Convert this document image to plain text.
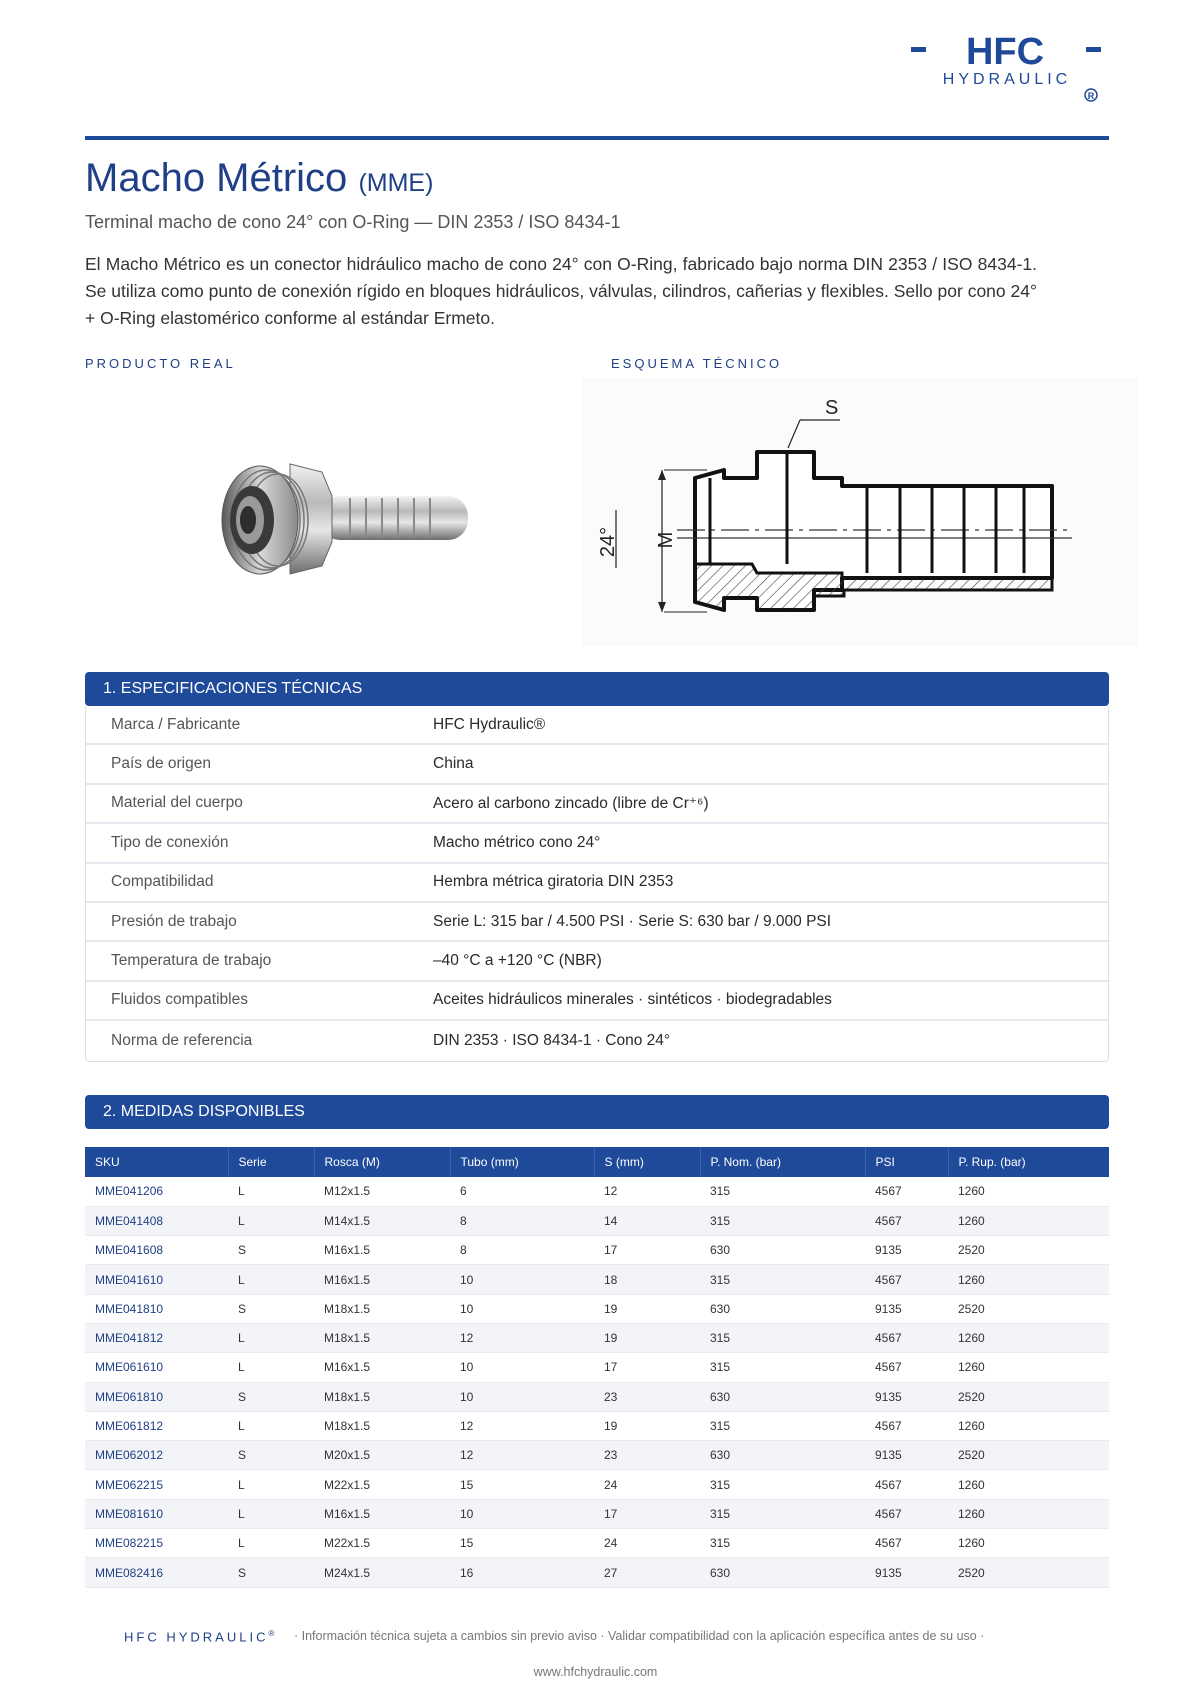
HFC
HYDRAULIC
R
Macho Métrico (MME)
Terminal macho de cono 24° con O-Ring — DIN 2353 / ISO 8434-1

El Macho Métrico es un conector hidráulico macho de cono 24° con O-Ring, fabricado bajo norma DIN 2353 / ISO 8434-1. Se utiliza como punto de conexión rígido en bloques hidráulicos, válvulas, cilindros, cañerias y flexibles. Sello por cono 24° + O-Ring elastomérico conforme al estándar Ermeto.

PRODUCTO REAL	ESQUEMA TÉCNICO
S
M
24°
1. ESPECIFICACIONES TÉCNICAS
Marca / Fabricante	HFC Hydraulic®
País de origen	China
Material del cuerpo	Acero al carbono zincado (libre de Cr⁺⁶)
Tipo de conexión	Macho métrico cono 24°
Compatibilidad	Hembra métrica giratoria DIN 2353
Presión de trabajo	Serie L: 315 bar / 4.500 PSI · Serie S: 630 bar / 9.000 PSI
Temperatura de trabajo	–40 °C a +120 °C (NBR)
Fluidos compatibles	Aceites hidráulicos minerales · sintéticos · biodegradables
Norma de referencia	DIN 2353 · ISO 8434-1 · Cono 24°
2. MEDIDAS DISPONIBLES
SKU	Serie	Rosca (M)	Tubo (mm)	S (mm)	P. Nom. (bar)	PSI	P. Rup. (bar)
MME041206	L	M12x1.5	6	12	315	4567	1260
MME041408	L	M14x1.5	8	14	315	4567	1260
MME041608	S	M16x1.5	8	17	630	9135	2520
MME041610	L	M16x1.5	10	18	315	4567	1260
MME041810	S	M18x1.5	10	19	630	9135	2520
MME041812	L	M18x1.5	12	19	315	4567	1260
MME061610	L	M16x1.5	10	17	315	4567	1260
MME061810	S	M18x1.5	10	23	630	9135	2520
MME061812	L	M18x1.5	12	19	315	4567	1260
MME062012	S	M20x1.5	12	23	630	9135	2520
MME062215	L	M22x1.5	15	24	315	4567	1260
MME081610	L	M16x1.5	10	17	315	4567	1260
MME082215	L	M22x1.5	15	24	315	4567	1260
MME082416	S	M24x1.5	16	27	630	9135	2520
HFC HYDRAULIC® · Información técnica sujeta a cambios sin previo aviso · Validar compatibilidad con la aplicación específica antes de su uso ·
www.hfchydraulic.com
